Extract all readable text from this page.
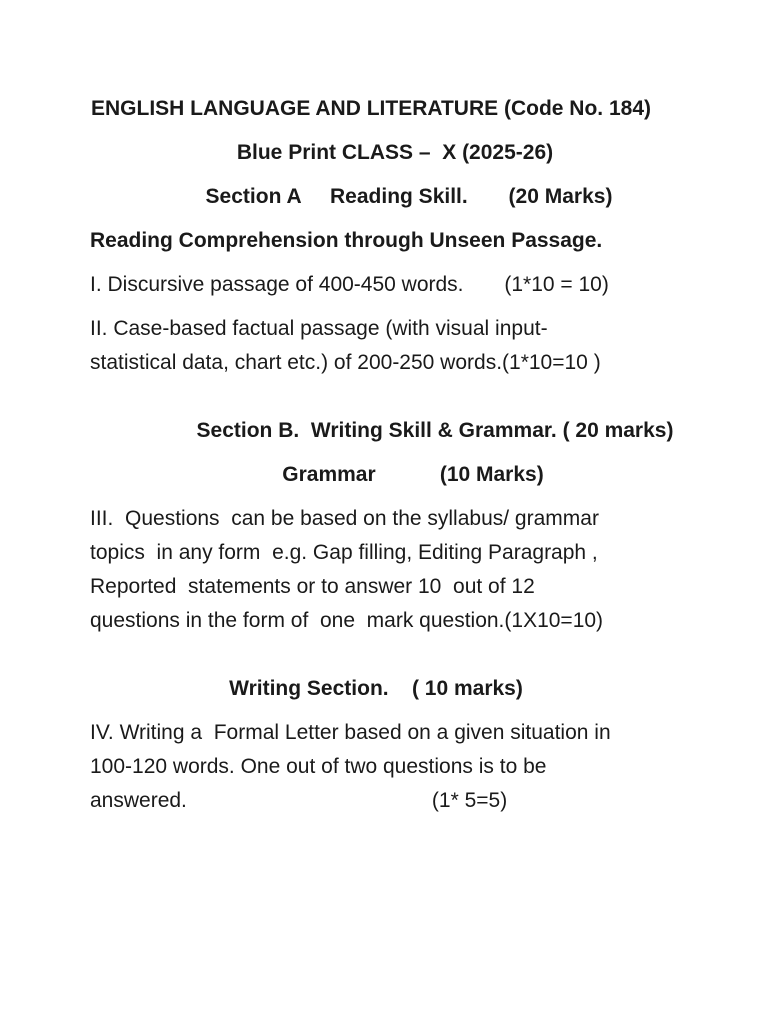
ENGLISH LANGUAGE AND LITERATURE (Code No. 184)

Blue Print CLASS –  X (2025-26)

Section A     Reading Skill.       (20 Marks)

Reading Comprehension through Unseen Passage.

I. Discursive passage of 400-450 words.       (1*10 = 10)

II. Case-based factual passage (with visual input-

statistical data, chart etc.) of 200-250 words.(1*10=10 )

Section B.  Writing Skill & Grammar. ( 20 marks)

Grammar           (10 Marks)

III.  Questions  can be based on the syllabus/ grammar

topics  in any form  e.g. Gap filling, Editing Paragraph ,

Reported  statements or to answer 10  out of 12

questions in the form of  one  mark question.(1X10=10)

Writing Section.    ( 10 marks)

IV. Writing a  Formal Letter based on a given situation in

100-120 words. One out of two questions is to be

answered.                                          (1* 5=5)
